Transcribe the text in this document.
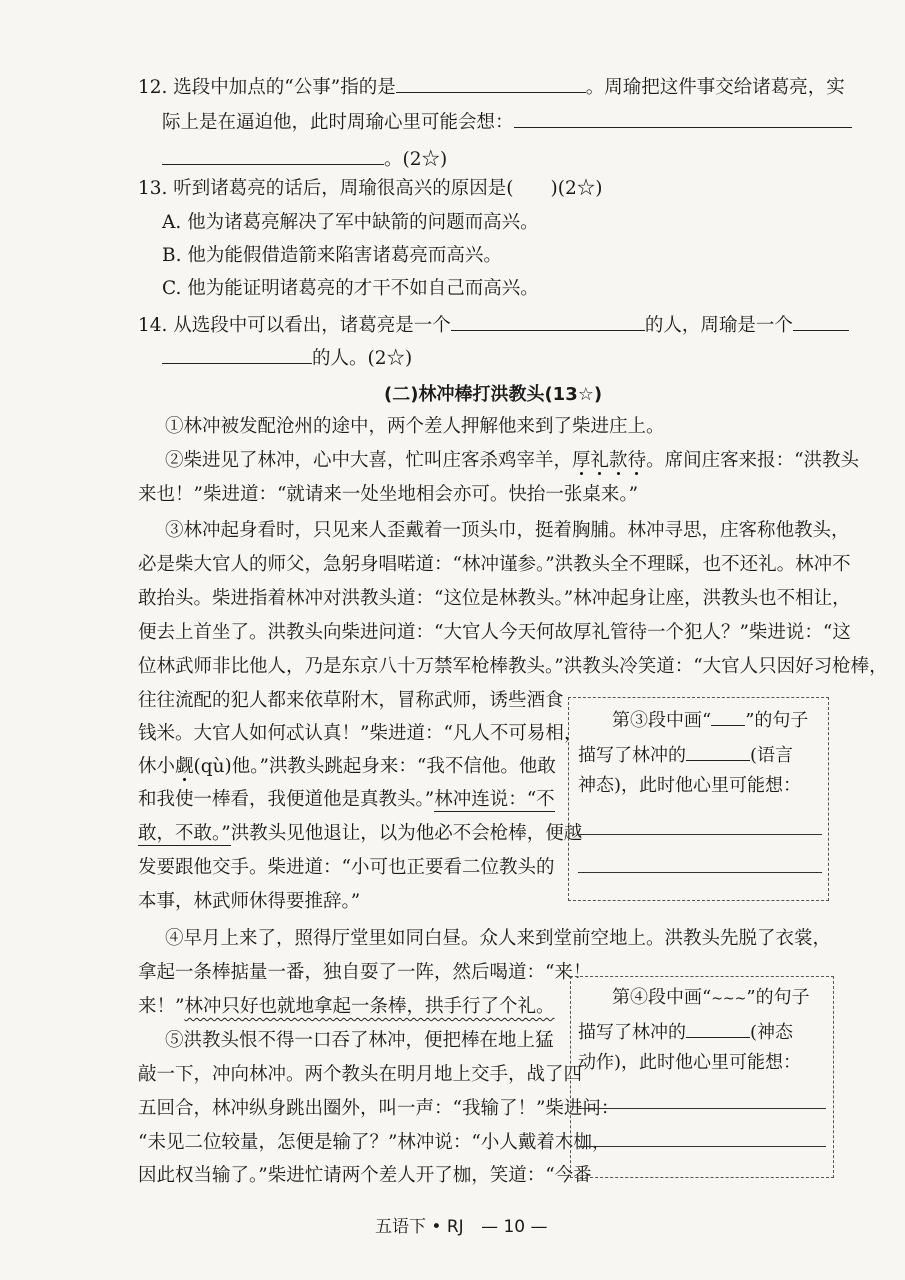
12. 选段中加点的“公事”指的是	。周瑜把这件事交给诸葛亮，实
际上是在逼迫他，此时周瑜心里可能会想：
。(2☆)
13. 听到诸葛亮的话后，周瑜很高兴的原因是(　　)(2☆)
A. 他为诸葛亮解决了军中缺箭的问题而高兴。
B. 他为能假借造箭来陷害诸葛亮而高兴。
C. 他为能证明诸葛亮的才干不如自己而高兴。
14. 从选段中可以看出，诸葛亮是一个	的人，周瑜是一个
的人。(2☆)
(二)林冲棒打洪教头(13☆)
①林冲被发配沧州的途中，两个差人押解他来到了柴进庄上。
②柴进见了林冲，心中大喜，忙叫庄客杀鸡宰羊，厚礼款待。席间庄客来报：“洪教头
来也！”柴进道：“就请来一处坐地相会亦可。快抬一张桌来。”
③林冲起身看时，只见来人歪戴着一顶头巾，挺着胸脯。林冲寻思，庄客称他教头，
必是柴大官人的师父，急躬身唱喏道：“林冲谨参。”洪教头全不理睬，也不还礼。林冲不
敢抬头。柴进指着林冲对洪教头道：“这位是林教头。”林冲起身让座，洪教头也不相让，
便去上首坐了。洪教头向柴进问道：“大官人今天何故厚礼管待一个犯人？”柴进说：“这
位林武师非比他人，乃是东京八十万禁军枪棒教头。”洪教头冷笑道：“大官人只因好习枪棒，
往往流配的犯人都来依草附木，冒称武师，诱些酒食
钱米。大官人如何忒认真！”柴进道：“凡人不可易相，
休小觑(qù)他。”洪教头跳起身来：“我不信他。他敢
和我使一棒看，我便道他是真教头。”林冲连说：“不
敢，不敢。”洪教头见他退让，以为他必不会枪棒，便越
发要跟他交手。柴进道：“小可也正要看二位教头的
本事，林武师休得要推辞。”
第③段中画“ ”的句子
描写了林冲的	(语言
神态)，此时他心里可能想：
④早月上来了，照得厅堂里如同白昼。众人来到堂前空地上。洪教头先脱了衣裳，
拿起一条棒掂量一番，独自耍了一阵，然后喝道：“来！
来！”林冲只好也就地拿起一条棒，拱手行了个礼。
⑤洪教头恨不得一口吞了林冲，便把棒在地上猛
敲一下，冲向林冲。两个教头在明月地上交手，战了四
五回合，林冲纵身跳出圈外，叫一声：“我输了！”柴进问：
“未见二位较量，怎便是输了？”林冲说：“小人戴着木枷，
因此权当输了。”柴进忙请两个差人开了枷，笑道：“今番
第④段中画“~~~”的句子
描写了林冲的	(神态
动作)，此时他心里可能想：
五语下 • RJ — 10 —
